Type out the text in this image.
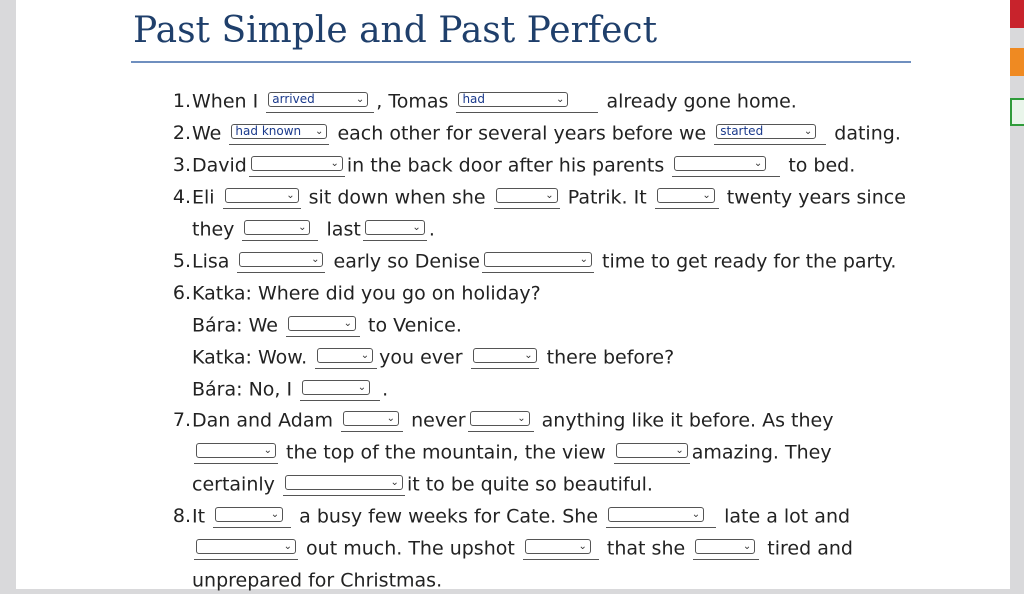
Past Simple and Past Perfect
1.
2.
3.
4.
5.
6.
7.
8.
When I	arrived	⌄ , Tomas	had	⌄ already gone home.
We	had known ⌄ each other for several years before we	started	⌄ dating.
David	⌄ in the back door after his parents	⌄ to bed.
Eli	⌄ sit down when she	⌄ Patrik. It	⌄ twenty years since
they	⌄ last	⌄ .
Lisa	⌄ early so Denise	⌄ time to get ready for the party.
Katka: Where did you go on holiday?
Bára: We	⌄ to Venice.
Katka: Wow.	⌄ you ever	⌄ there before?
Bára: No, I	⌄ .
Dan and Adam	⌄ never	⌄ anything like it before. As they
⌄ the top of the mountain, the view	⌄ amazing. They
certainly	⌄ it to be quite so beautiful.
It	⌄ a busy few weeks for Cate. She	⌄ late a lot and
⌄ out much. The upshot	⌄ that she	⌄ tired and
unprepared for Christmas.
